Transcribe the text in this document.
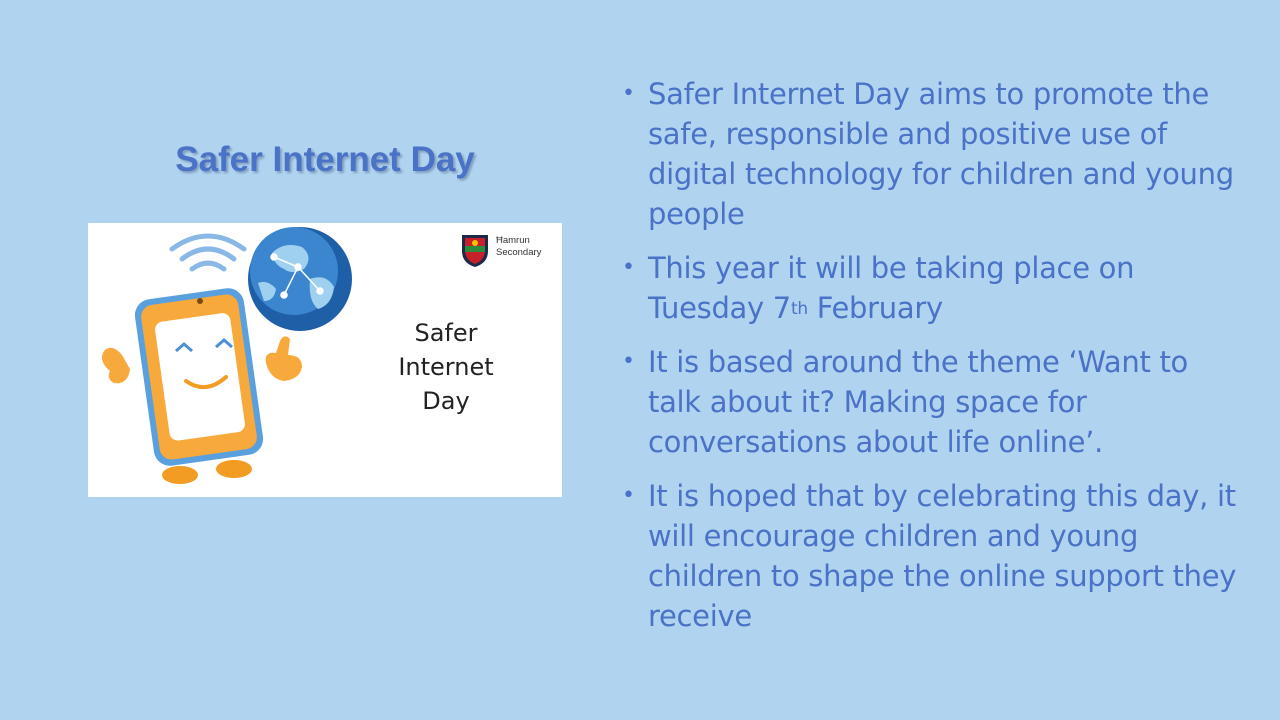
Safer Internet Day
Ħamrun
Secondary
Safer
Internet
Day
• Safer Internet Day aims to promote the safe, responsible and positive use of digital technology for children and young people
• This year it will be taking place on Tuesday 7th February
• It is based around the theme ‘Want to talk about it? Making space for conversations about life online’.
• It is hoped that by celebrating this day, it will encourage children and young children to shape the online support they receive
